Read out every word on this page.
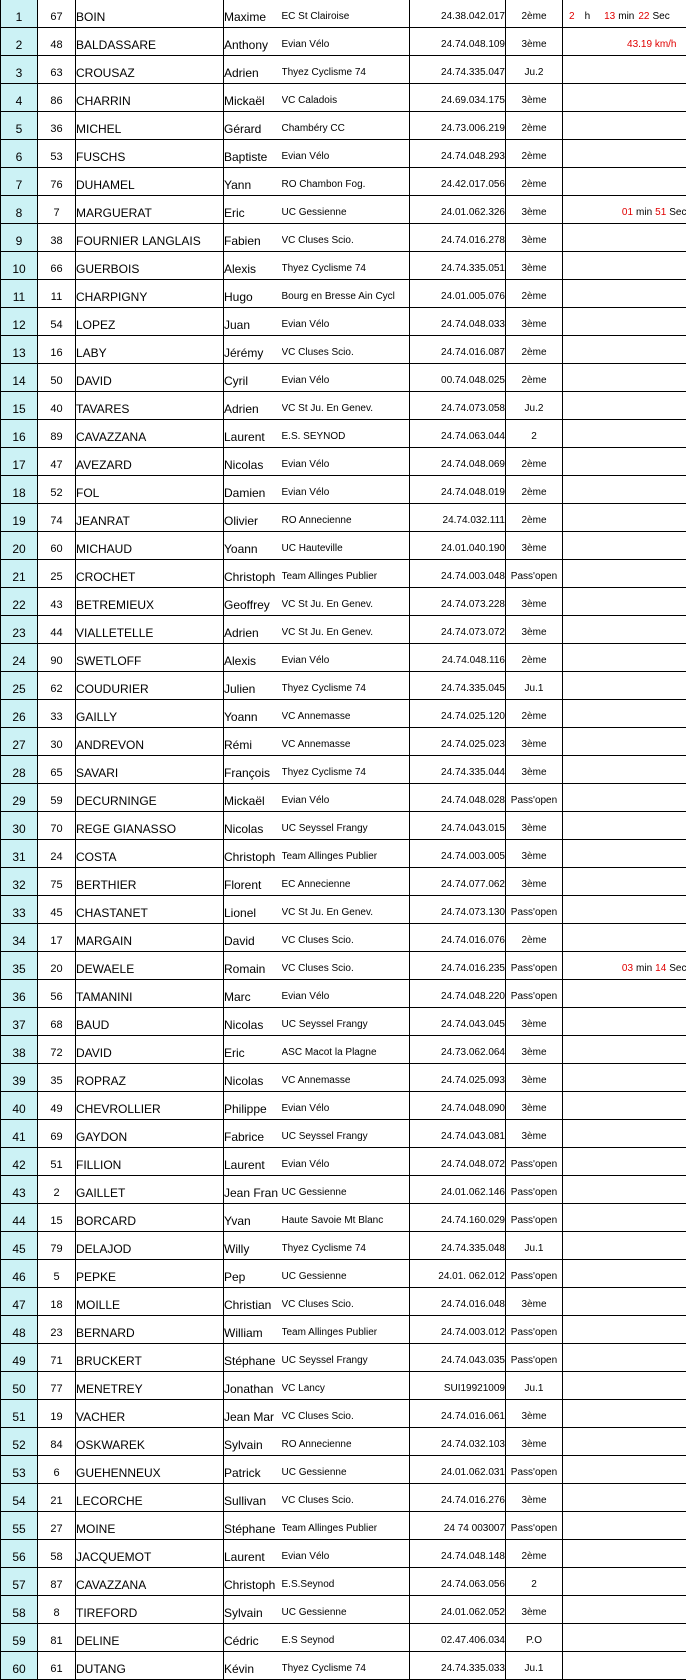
1	67	BOIN	Maxime	EC St Clairoise	24.38.042.017	2ème	2 h 13 min 22 Sec
2	48	BALDASSARE	Anthony	Evian Vélo	24.74.048.109	3ème	43.19 km/h
3	63	CROUSAZ	Adrien	Thyez Cyclisme 74	24.74.335.047	Ju.2	
4	86	CHARRIN	Mickaël	VC Caladois	24.69.034.175	3ème	
5	36	MICHEL	Gérard	Chambéry CC	24.73.006.219	2ème	
6	53	FUSCHS	Baptiste	Evian Vélo	24.74.048.293	2ème	
7	76	DUHAMEL	Yann	RO Chambon Fog.	24.42.017.056	2ème	
8	7	MARGUERAT	Eric	UC Gessienne	24.01.062.326	3ème	01 min 51 Sec
9	38	FOURNIER LANGLAIS	Fabien	VC Cluses Scio.	24.74.016.278	3ème	
10	66	GUERBOIS	Alexis	Thyez Cyclisme 74	24.74.335.051	3ème	
11	11	CHARPIGNY	Hugo	Bourg en Bresse Ain Cycl	24.01.005.076	2ème	
12	54	LOPEZ	Juan	Evian Vélo	24.74.048.033	3ème	
13	16	LABY	Jérémy	VC Cluses Scio.	24.74.016.087	2ème	
14	50	DAVID	Cyril	Evian Vélo	00.74.048.025	2ème	
15	40	TAVARES	Adrien	VC St Ju. En Genev.	24.74.073.058	Ju.2	
16	89	CAVAZZANA	Laurent	E.S. SEYNOD	24.74.063.044	2	
17	47	AVEZARD	Nicolas	Evian Vélo	24.74.048.069	2ème	
18	52	FOL	Damien	Evian Vélo	24.74.048.019	2ème	
19	74	JEANRAT	Olivier	RO Annecienne	24.74.032.111	2ème	
20	60	MICHAUD	Yoann	UC Hauteville	24.01.040.190	3ème	
21	25	CROCHET	Christoph	Team Allinges Publier	24.74.003.048	Pass'open	
22	43	BETREMIEUX	Geoffrey	VC St Ju. En Genev.	24.74.073.228	3ème	
23	44	VIALLETELLE	Adrien	VC St Ju. En Genev.	24.74.073.072	3ème	
24	90	SWETLOFF	Alexis	Evian Vélo	24.74.048.116	2ème	
25	62	COUDURIER	Julien	Thyez Cyclisme 74	24.74.335.045	Ju.1	
26	33	GAILLY	Yoann	VC Annemasse	24.74.025.120	2ème	
27	30	ANDREVON	Rémi	VC Annemasse	24.74.025.023	3ème	
28	65	SAVARI	François	Thyez Cyclisme 74	24.74.335.044	3ème	
29	59	DECURNINGE	Mickaël	Evian Vélo	24.74.048.028	Pass'open	
30	70	REGE GIANASSO	Nicolas	UC Seyssel Frangy	24.74.043.015	3ème	
31	24	COSTA	Christoph	Team Allinges Publier	24.74.003.005	3ème	
32	75	BERTHIER	Florent	EC Annecienne	24.74.077.062	3ème	
33	45	CHASTANET	Lionel	VC St Ju. En Genev.	24.74.073.130	Pass'open	
34	17	MARGAIN	David	VC Cluses Scio.	24.74.016.076	2ème	
35	20	DEWAELE	Romain	VC Cluses Scio.	24.74.016.235	Pass'open	03 min 14 Sec
36	56	TAMANINI	Marc	Evian Vélo	24.74.048.220	Pass'open	
37	68	BAUD	Nicolas	UC Seyssel Frangy	24.74.043.045	3ème	
38	72	DAVID	Eric	ASC Macot la Plagne	24.73.062.064	3ème	
39	35	ROPRAZ	Nicolas	VC Annemasse	24.74.025.093	3ème	
40	49	CHEVROLLIER	Philippe	Evian Vélo	24.74.048.090	3ème	
41	69	GAYDON	Fabrice	UC Seyssel Frangy	24.74.043.081	3ème	
42	51	FILLION	Laurent	Evian Vélo	24.74.048.072	Pass'open	
43	2	GAILLET	Jean Fran	UC Gessienne	24.01.062.146	Pass'open	
44	15	BORCARD	Yvan	Haute Savoie Mt Blanc	24.74.160.029	Pass'open	
45	79	DELAJOD	Willy	Thyez Cyclisme 74	24.74.335.048	Ju.1	
46	5	PEPKE	Pep	UC Gessienne	24.01. 062.012	Pass'open	
47	18	MOILLE	Christian	VC Cluses Scio.	24.74.016.048	3ème	
48	23	BERNARD	William	Team Allinges Publier	24.74.003.012	Pass'open	
49	71	BRUCKERT	Stéphane	UC Seyssel Frangy	24.74.043.035	Pass'open	
50	77	MENETREY	Jonathan	VC Lancy	SUI19921009	Ju.1	
51	19	VACHER	Jean Mar	VC Cluses Scio.	24.74.016.061	3ème	
52	84	OSKWAREK	Sylvain	RO Annecienne	24.74.032.103	3ème	
53	6	GUEHENNEUX	Patrick	UC Gessienne	24.01.062.031	Pass'open	
54	21	LECORCHE	Sullivan	VC Cluses Scio.	24.74.016.276	3ème	
55	27	MOINE	Stéphane	Team Allinges Publier	24 74 003007	Pass'open	
56	58	JACQUEMOT	Laurent	Evian Vélo	24.74.048.148	2ème	
57	87	CAVAZZANA	Christoph	E.S.Seynod	24.74.063.056	2	
58	8	TIREFORD	Sylvain	UC Gessienne	24.01.062.052	3ème	
59	81	DELINE	Cédric	E.S Seynod	02.47.406.034	P.O	
60	61	DUTANG	Kévin	Thyez Cyclisme 74	24.74.335.033	Ju.1	
